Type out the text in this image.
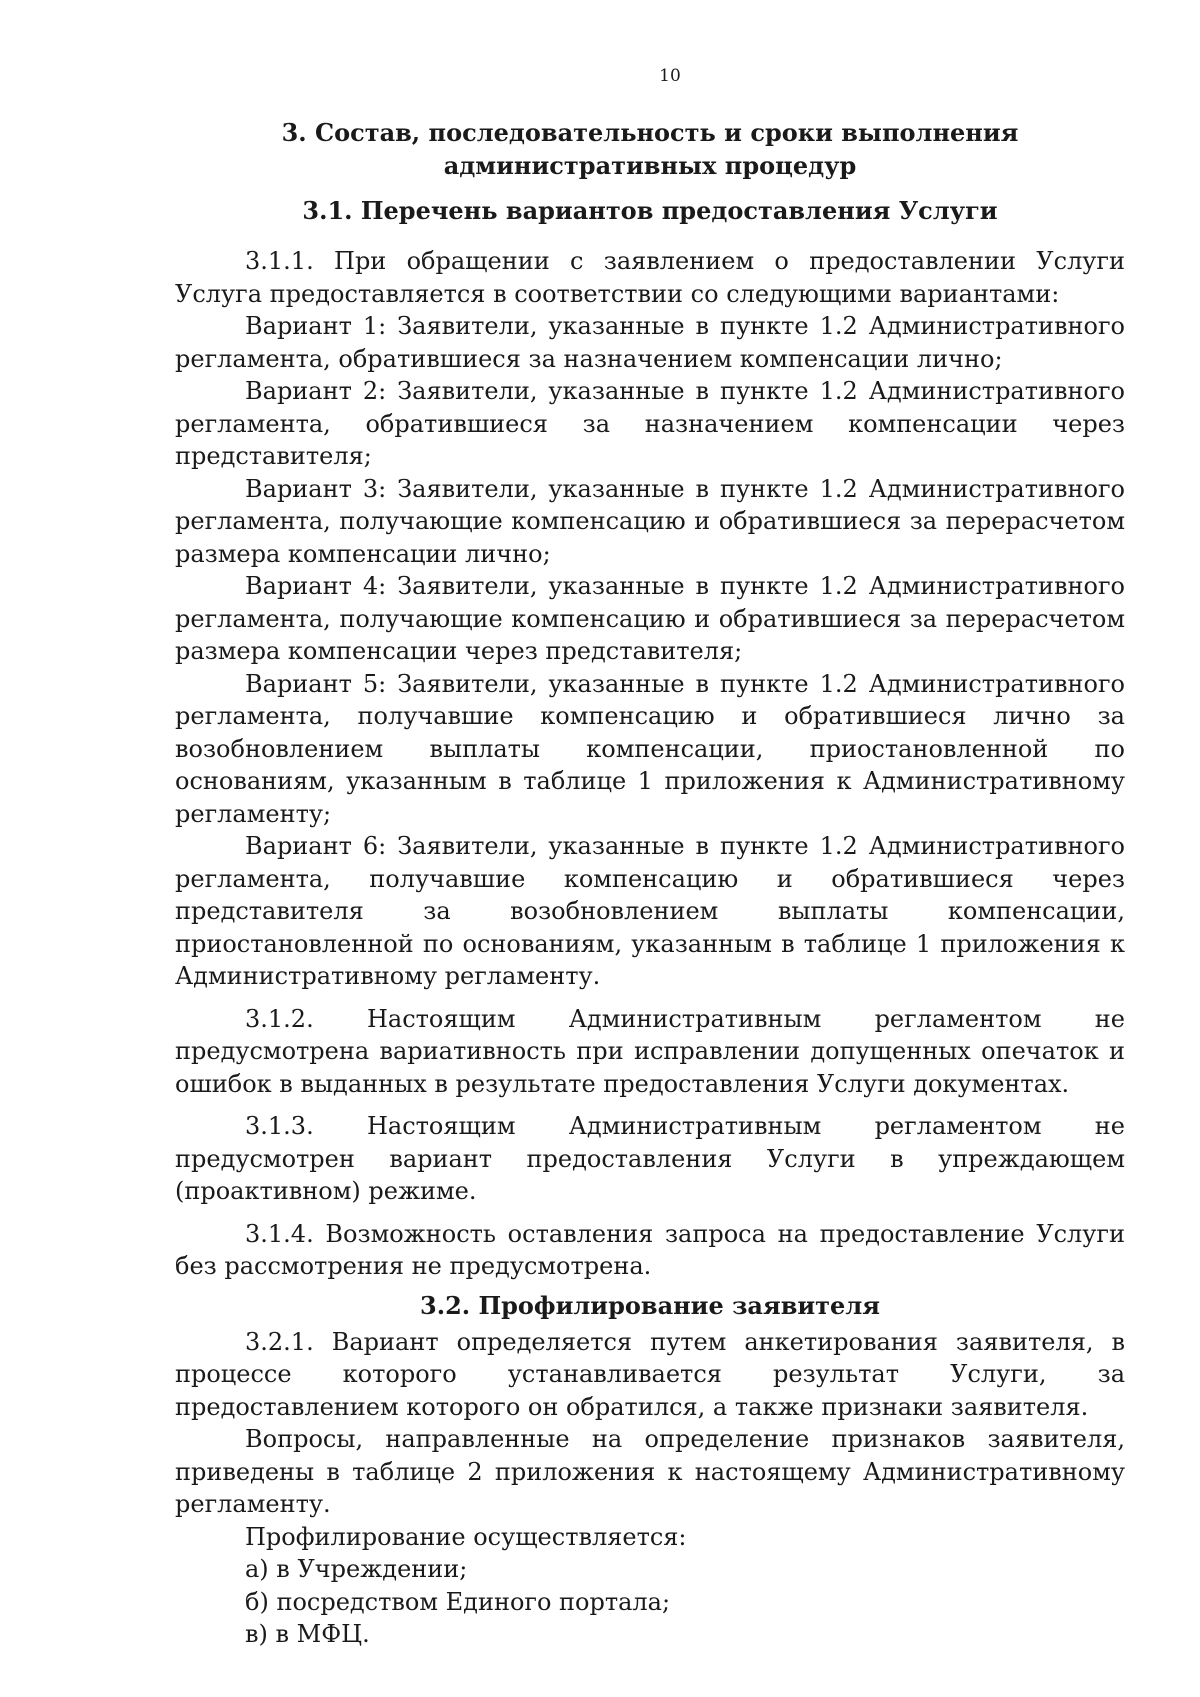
10
3. Состав, последовательность и сроки выполнения административных процедур
3.1. Перечень вариантов предоставления Услуги

3.1.1. При обращении с заявлением о предоставлении Услуги Услуга предоставляется в соответствии со следующими вариантами:

Вариант 1: Заявители, указанные в пункте 1.2 Административного регламента, обратившиеся за назначением компенсации лично;

Вариант 2: Заявители, указанные в пункте 1.2 Административного регламента, обратившиеся за назначением компенсации через представителя;

Вариант 3: Заявители, указанные в пункте 1.2 Административного регламента, получающие компенсацию и обратившиеся за перерасчетом размера компенсации лично;

Вариант 4: Заявители, указанные в пункте 1.2 Административного регламента, получающие компенсацию и обратившиеся за перерасчетом размера компенсации через представителя;

Вариант 5: Заявители, указанные в пункте 1.2 Административного регламента, получавшие компенсацию и обратившиеся лично за возобновлением выплаты компенсации, приостановленной по основаниям, указанным в таблице 1 приложения к Административному регламенту;

Вариант 6: Заявители, указанные в пункте 1.2 Административного регламента, получавшие компенсацию и обратившиеся через представителя за возобновлением выплаты компенсации, приостановленной по основаниям, указанным в таблице 1 приложения к Административному регламенту.

3.1.2. Настоящим Административным регламентом не предусмотрена вариативность при исправлении допущенных опечаток и ошибок в выданных в результате предоставления Услуги документах.

3.1.3. Настоящим Административным регламентом не предусмотрен вариант предоставления Услуги в упреждающем (проактивном) режиме.

3.1.4. Возможность оставления запроса на предоставление Услуги без рассмотрения не предусмотрена.

3.2. Профилирование заявителя

3.2.1. Вариант определяется путем анкетирования заявителя, в процессе которого устанавливается результат Услуги, за предоставлением которого он обратился, а также признаки заявителя.

Вопросы, направленные на определение признаков заявителя, приведены в таблице 2 приложения к настоящему Административному регламенту.

Профилирование осуществляется:

а) в Учреждении;

б) посредством Единого портала;

в) в МФЦ.
